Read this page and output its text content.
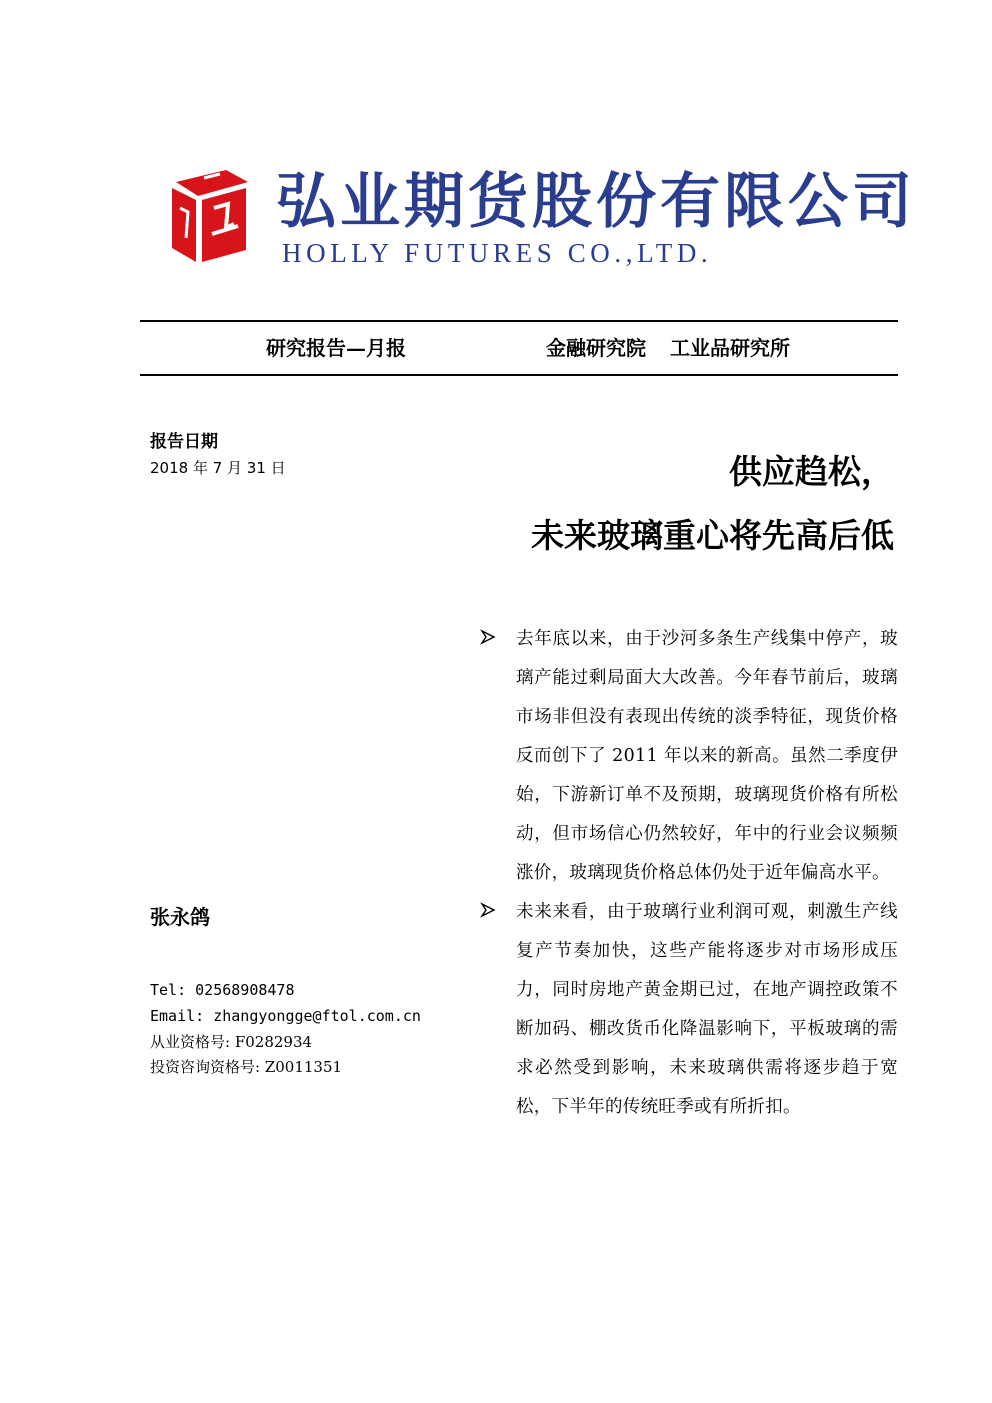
弘业期货股份有限公司
HOLLY FUTURES CO.,LTD.
研究报告—月报	金融研究院 工业品研究所
报告日期
2018 年 7 月 31 日	供应趋松，
未来玻璃重心将先高后低
张永鸽
Tel: 02568908478
Email: zhangyongge@ftol.com.cn
从业资格号: F0282934
投资咨询资格号: Z0011351
去年底以来，由于沙河多条生产线集中停产，玻璃产能过剩局面大大改善。今年春节前后，玻璃市场非但没有表现出传统的淡季特征，现货价格反而创下了 2011 年以来的新高。虽然二季度伊始，下游新订单不及预期，玻璃现货价格有所松动，但市场信心仍然较好，年中的行业会议频频涨价，玻璃现货价格总体仍处于近年偏高水平。
未来来看，由于玻璃行业利润可观，刺激生产线复产节奏加快，这些产能将逐步对市场形成压力，同时房地产黄金期已过，在地产调控政策不断加码、棚改货币化降温影响下，平板玻璃的需求必然受到影响，未来玻璃供需将逐步趋于宽松，下半年的传统旺季或有所折扣。
